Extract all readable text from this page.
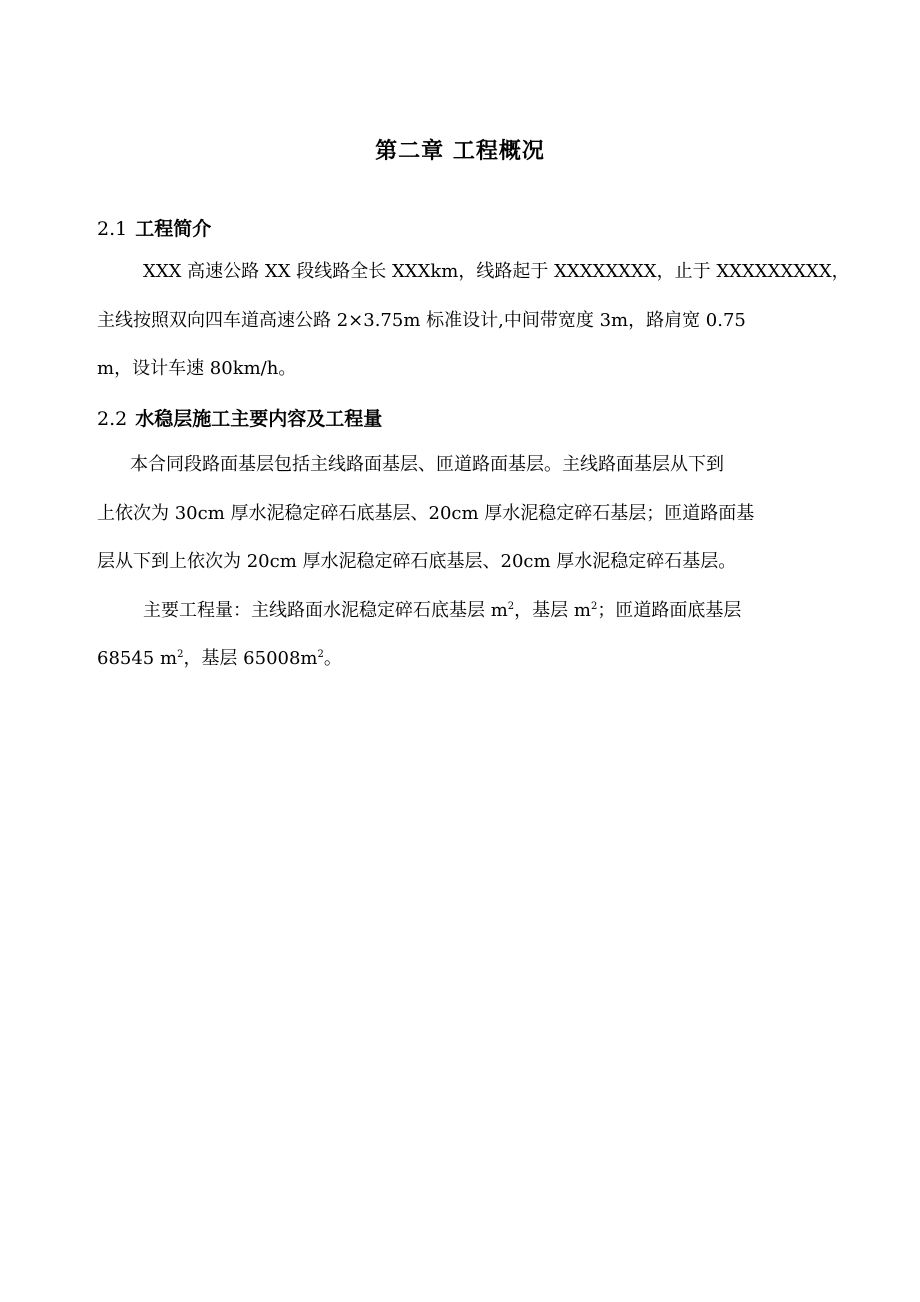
第二章 工程概况
2.1 工程简介
XXX 高速公路 XX 段线路全长 XXXkm，线路起于 XXXXXXXX，止于 XXXXXXXXX，
主线按照双向四车道高速公路 2×3.75m 标准设计,中间带宽度 3m，路肩宽 0.75
m，设计车速 80km/h。
2.2 水稳层施工主要内容及工程量
本合同段路面基层包括主线路面基层、匝道路面基层。主线路面基层从下到
上依次为 30cm 厚水泥稳定碎石底基层、20cm 厚水泥稳定碎石基层；匝道路面基
层从下到上依次为 20cm 厚水泥稳定碎石底基层、20cm 厚水泥稳定碎石基层。
主要工程量：主线路面水泥稳定碎石底基层 $m^2$，基层 $m^2$；匝道路面底基层
68545 $m^2$，基层 $65008m^2$。
